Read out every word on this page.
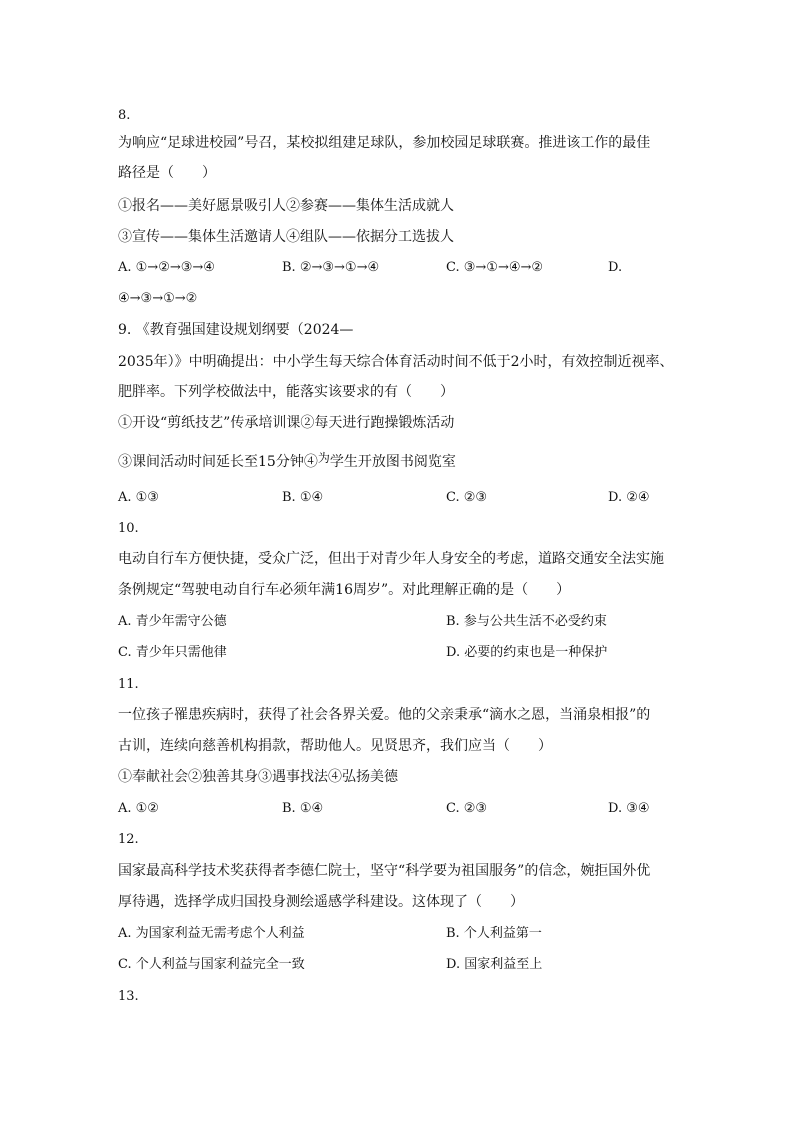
8.
为响应“足球进校园”号召，某校拟组建足球队，参加校园足球联赛。推进该工作的最佳
路径是（　　）
①报名——美好愿景吸引人②参赛——集体生活成就人
③宣传——集体生活邀请人④组队——依据分工选拔人
A. ①→②→③→④	B. ②→③→①→④	C. ③→①→④→②	D.
④→③→①→②
9. 《教育强国建设规划纲要（2024—
2035年）》中明确提出：中小学生每天综合体育活动时间不低于2小时，有效控制近视率、
肥胖率。下列学校做法中，能落实该要求的有（　　）
①开设“剪纸技艺”传承培训课②每天进行跑操锻炼活动
③课间活动时间延长至15分钟④为学生开放图书阅览室
A. ①③	B. ①④	C. ②③	D. ②④
10.
电动自行车方便快捷，受众广泛，但出于对青少年人身安全的考虑，道路交通安全法实施
条例规定“驾驶电动自行车必须年满16周岁”。对此理解正确的是（　　）
A. 青少年需守公德	B. 参与公共生活不必受约束
C. 青少年只需他律	D. 必要的约束也是一种保护
11.
一位孩子罹患疾病时，获得了社会各界关爱。他的父亲秉承“滴水之恩，当涌泉相报”的
古训，连续向慈善机构捐款，帮助他人。见贤思齐，我们应当（　　）
①奉献社会②独善其身③遇事找法④弘扬美德
A. ①②	B. ①④	C. ②③	D. ③④
12.
国家最高科学技术奖获得者李德仁院士，坚守“科学要为祖国服务”的信念，婉拒国外优
厚待遇，选择学成归国投身测绘遥感学科建设。这体现了（　　）
A. 为国家利益无需考虑个人利益	B. 个人利益第一
C. 个人利益与国家利益完全一致	D. 国家利益至上
13.
